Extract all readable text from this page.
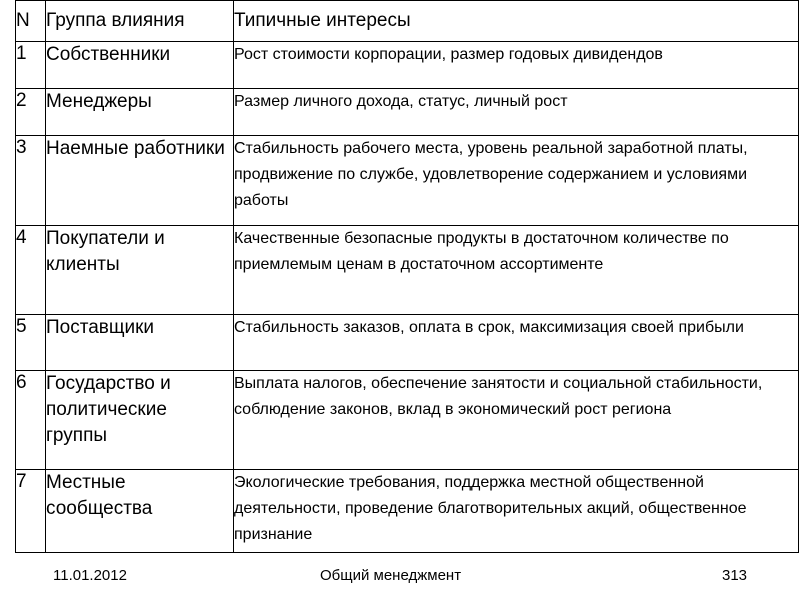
N	Группа влияния	Типичные интересы
1	Собственники	Рост стоимости корпорации, размер годовых дивидендов
2	Менеджеры	Размер личного дохода, статус, личный рост
3	Наемные работники	Стабильность рабочего места, уровень реальной заработной платы, продвижение по службе, удовлетворение содержанием и условиями работы
4	Покупатели и клиенты	Качественные безопасные продукты в достаточном количестве по приемлемым ценам в достаточном ассортименте
5	Поставщики	Стабильность заказов, оплата в срок, максимизация своей прибыли
6	Государство и политические группы	Выплата налогов, обеспечение занятости и социальной стабильности, соблюдение законов, вклад в экономический рост региона
7	Местные сообщества	Экологические требования, поддержка местной общественной деятельности, проведение благотворительных акций, общественное признание
11.01.2012	Общий менеджмент	313
